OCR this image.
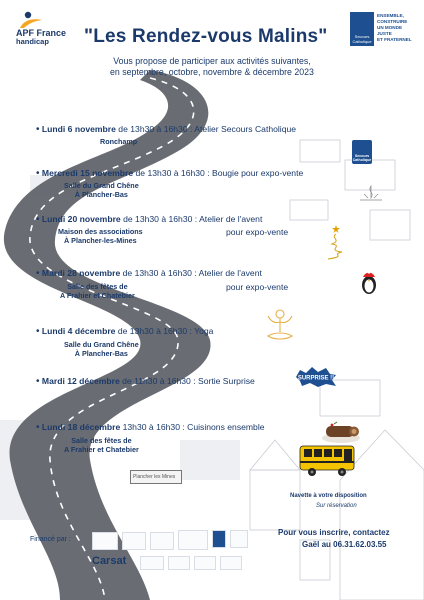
APF France
handicap "Les Rendez-vous Malins"	Secours Catholique
ENSEMBLE,
CONSTRUIRE
UN MONDE JUSTE
ET FRATERNEL
Vous propose de participer aux activités suivantes,
en septembre, octobre, novembre & décembre 2023
• Lundi 6 novembre de 13h30 à 16h30 : Atelier Secours Catholique
Ronchamp
Secours Catholique
• Mercredi 15 novembre de 13h30 à 16h30 : Bougie pour expo-vente
Salle du Grand Chêne
À Plancher-Bas
• Lundi 20 novembre de 13h30 à 16h30 : Atelier de l'avent
pour expo-vente
Maison des associations
À Plancher-les-Mines
• Mardi 28 novembre de 13h30 à 16h30 : Atelier de l'avent
pour expo-vente
Salle des fêtes de
A Frahier et Chatebier
• Lundi 4 décembre de 13h30 à 16h30 : Yoga
Salle du Grand Chêne
À Plancher-Bas
• Mardi 12 décembre de 11h30 à 16h30 : Sortie Surprise	SURPRISE !!
• Lundi 18 décembre 13h30 à 16h30 : Cuisinons ensemble
Salle des fêtes de
A Frahier et Chatebier
Plancher les Mines
Navette à votre disposition
Sur réservation
Financé par :
Carsat
Pour vous inscrire, contactez
Gaël au 06.31.62.03.55
